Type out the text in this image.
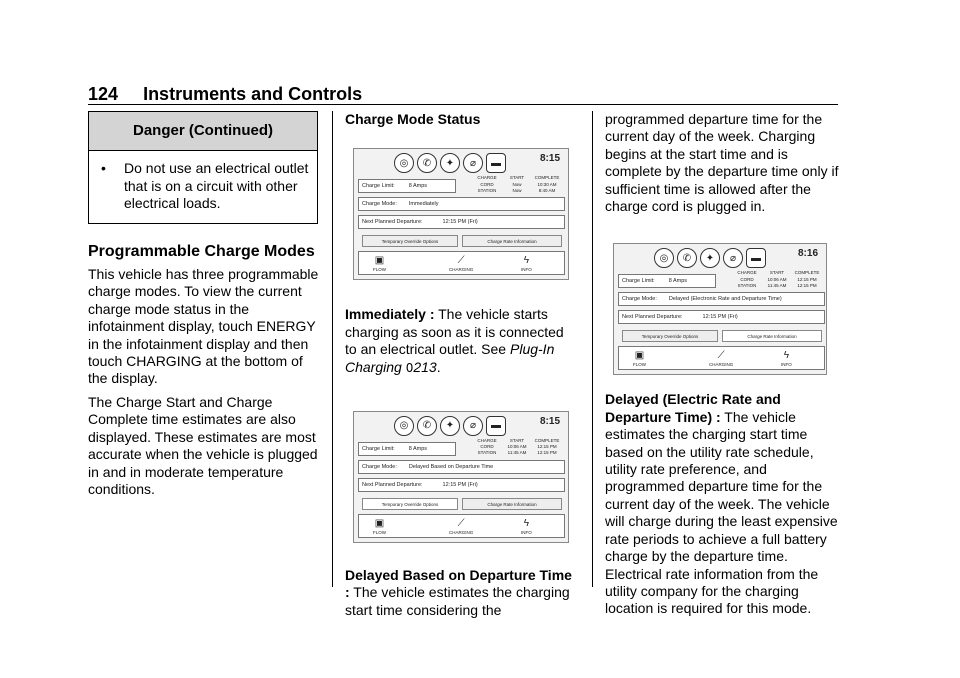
124 Instruments and Controls
Danger (Continued)
•	Do not use an electrical outlet that is on a circuit with other electrical loads.
Programmable Charge Modes

This vehicle has three programmable charge modes. To view the current charge mode status in the infotainment display, touch ENERGY in the infotainment display and then touch CHARGING at the bottom of the display.

The Charge Start and Charge Complete time estimates are also displayed. These estimates are most accurate when the vehicle is plugged in and in moderate temperature conditions.

Charge Mode Status
◎	✆	✦	⌀	▬	8:15
Charge Limit:	8 Amps
CHARGE	START	COMPLETE
CORD	Now	10:30 AM
STATION	Now	8:40 AM
Charge Mode: Immediately
Next Planned Departure:	12:15 PM (Fri)
Temporary Override Options	Charge Rate Information
▣
FLOW
⟋
CHARGING
ϟ
INFO

Immediately : The vehicle starts charging as soon as it is connected to an electrical outlet. See Plug-In Charging 0213.

◎	✆	✦	⌀	▬	8:15
Charge Limit:	8 Amps
CHARGE	START	COMPLETE
CORD	10:06 AM	12:15 PM
STATION	11:45 AM	12:15 PM
Charge Mode: Delayed Based on Departure Time
Next Planned Departure:	12:15 PM (Fri)
Temporary Override Options	Charge Rate Information
▣
FLOW
⟋
CHARGING
ϟ
INFO

Delayed Based on Departure Time : The vehicle estimates the charging start time considering the

programmed departure time for the current day of the week. Charging begins at the start time and is complete by the departure time only if sufficient time is allowed after the charge cord is plugged in.

◎	✆	✦	⌀	▬	8:16
Charge Limit:	8 Amps
CHARGE	START	COMPLETE
CORD	10:06 AM	12:15 PM
STATION	11:45 AM	12:15 PM
Charge Mode: Delayed (Electronic Rate and Departure Time)
Next Planned Departure:	12:15 PM (Fri)
Temporary Override Options	Charge Rate Information
▣
FLOW
⟋
CHARGING
ϟ
INFO

Delayed (Electric Rate and Departure Time) : The vehicle estimates the charging start time based on the utility rate schedule, utility rate preference, and programmed departure time for the current day of the week. The vehicle will charge during the least expensive rate periods to achieve a full battery charge by the departure time. Electrical rate information from the utility company for the charging location is required for this mode.
